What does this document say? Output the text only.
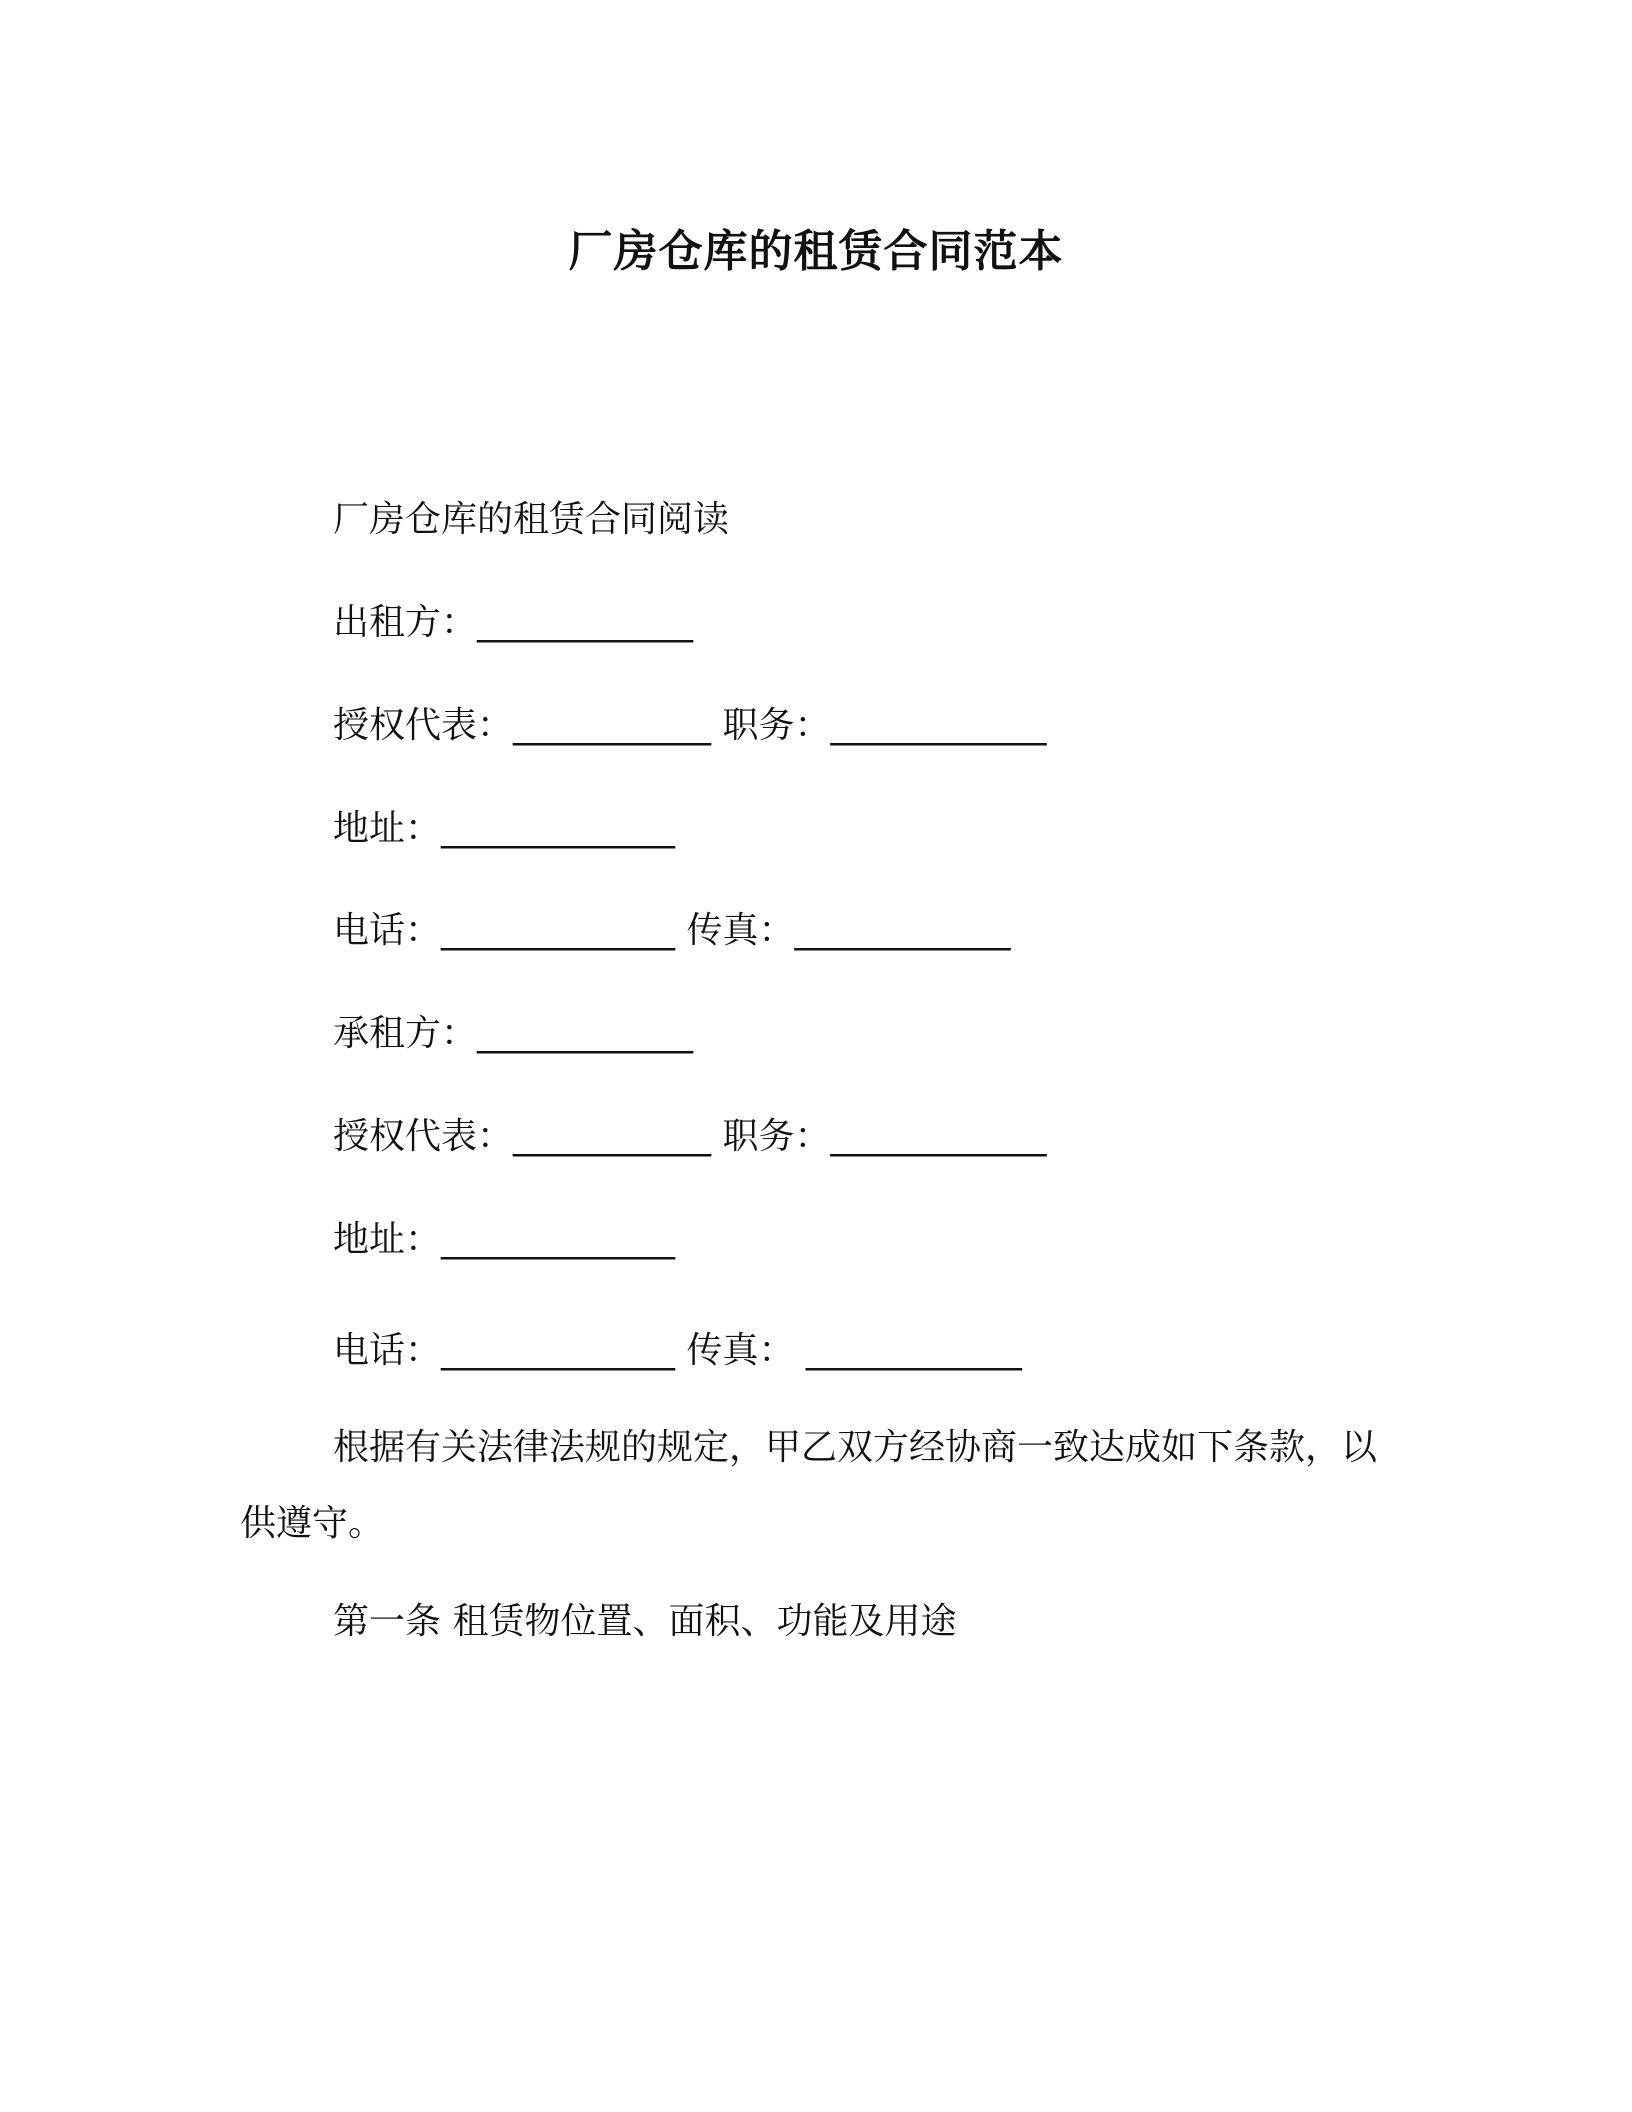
厂房仓库的租赁合同范本
厂房仓库的租赁合同阅读
出租方：____________
授权代表：___________ 职务：____________
地址：_____________
电话：_____________ 传真：____________
承租方：____________
授权代表：___________ 职务：____________
地址：_____________
电话：_____________ 传真： ____________
根据有关法律法规的规定，甲乙双方经协商一致达成如下条款，以供遵守。
第一条 租赁物位置、面积、功能及用途
